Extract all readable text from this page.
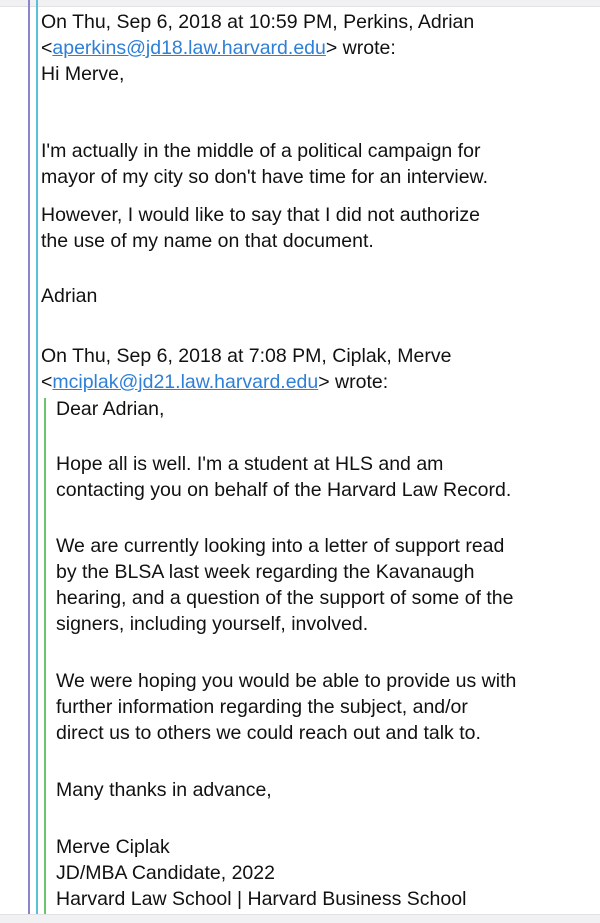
On Thu, Sep 6, 2018 at 10:59 PM, Perkins, Adrian
<aperkins@jd18.law.harvard.edu> wrote:
Hi Merve,
I'm actually in the middle of a political campaign for
mayor of my city so don't have time for an interview.
However, I would like to say that I did not authorize
the use of my name on that document.
Adrian
On Thu, Sep 6, 2018 at 7:08 PM, Ciplak, Merve
<mciplak@jd21.law.harvard.edu> wrote:
Dear Adrian,
Hope all is well. I'm a student at HLS and am
contacting you on behalf of the Harvard Law Record.
We are currently looking into a letter of support read
by the BLSA last week regarding the Kavanaugh
hearing, and a question of the support of some of the
signers, including yourself, involved.
We were hoping you would be able to provide us with
further information regarding the subject, and/or
direct us to others we could reach out and talk to.
Many thanks in advance,
Merve Ciplak
JD/MBA Candidate, 2022
Harvard Law School | Harvard Business School
